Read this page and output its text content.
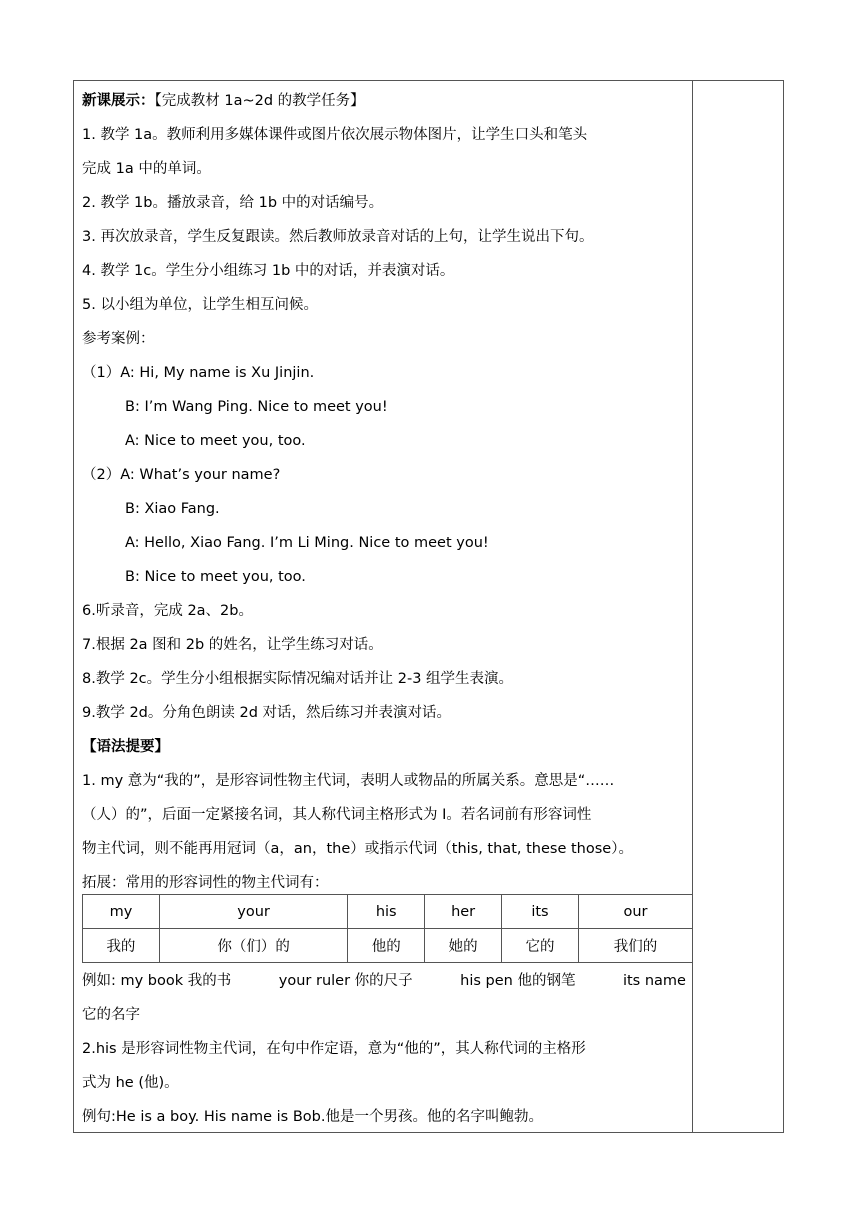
新课展示：【完成教材 1a~2d 的教学任务】
1. 教学 1a。教师利用多媒体课件或图片依次展示物体图片，让学生口头和笔头
完成 1a 中的单词。
2. 教学 1b。播放录音，给 1b 中的对话编号。
3. 再次放录音，学生反复跟读。然后教师放录音对话的上句，让学生说出下句。
4. 教学 1c。学生分小组练习 1b 中的对话，并表演对话。
5. 以小组为单位，让学生相互问候。
参考案例：
（1）A: Hi, My name is Xu Jinjin.
B: I’m Wang Ping. Nice to meet you!
A: Nice to meet you, too.
（2）A: What’s your name?
B: Xiao Fang.
A: Hello, Xiao Fang. I’m Li Ming. Nice to meet you!
B: Nice to meet you, too.
6.听录音，完成 2a、2b。
7.根据 2a 图和 2b 的姓名，让学生练习对话。
8.教学 2c。学生分小组根据实际情况编对话并让 2-3 组学生表演。
9.教学 2d。分角色朗读 2d 对话，然后练习并表演对话。
【语法提要】
1. my 意为“我的”，是形容词性物主代词，表明人或物品的所属关系。意思是“……
（人）的”，后面一定紧接名词，其人称代词主格形式为 I。若名词前有形容词性
物主代词，则不能再用冠词（a，an，the）或指示代词（this, that, these those）。
拓展：常用的形容词性的物主代词有：
my	your	his	her	its	our
我的	你（们）的	他的	她的	它的	我们的
例如: my book 我的书	your ruler 你的尺子	his pen 他的钢笔	its name
它的名字
2.his 是形容词性物主代词，在句中作定语，意为“他的”，其人称代词的主格形
式为 he (他)。
例句:He is a boy. His name is Bob.他是一个男孩。他的名字叫鲍勃。
